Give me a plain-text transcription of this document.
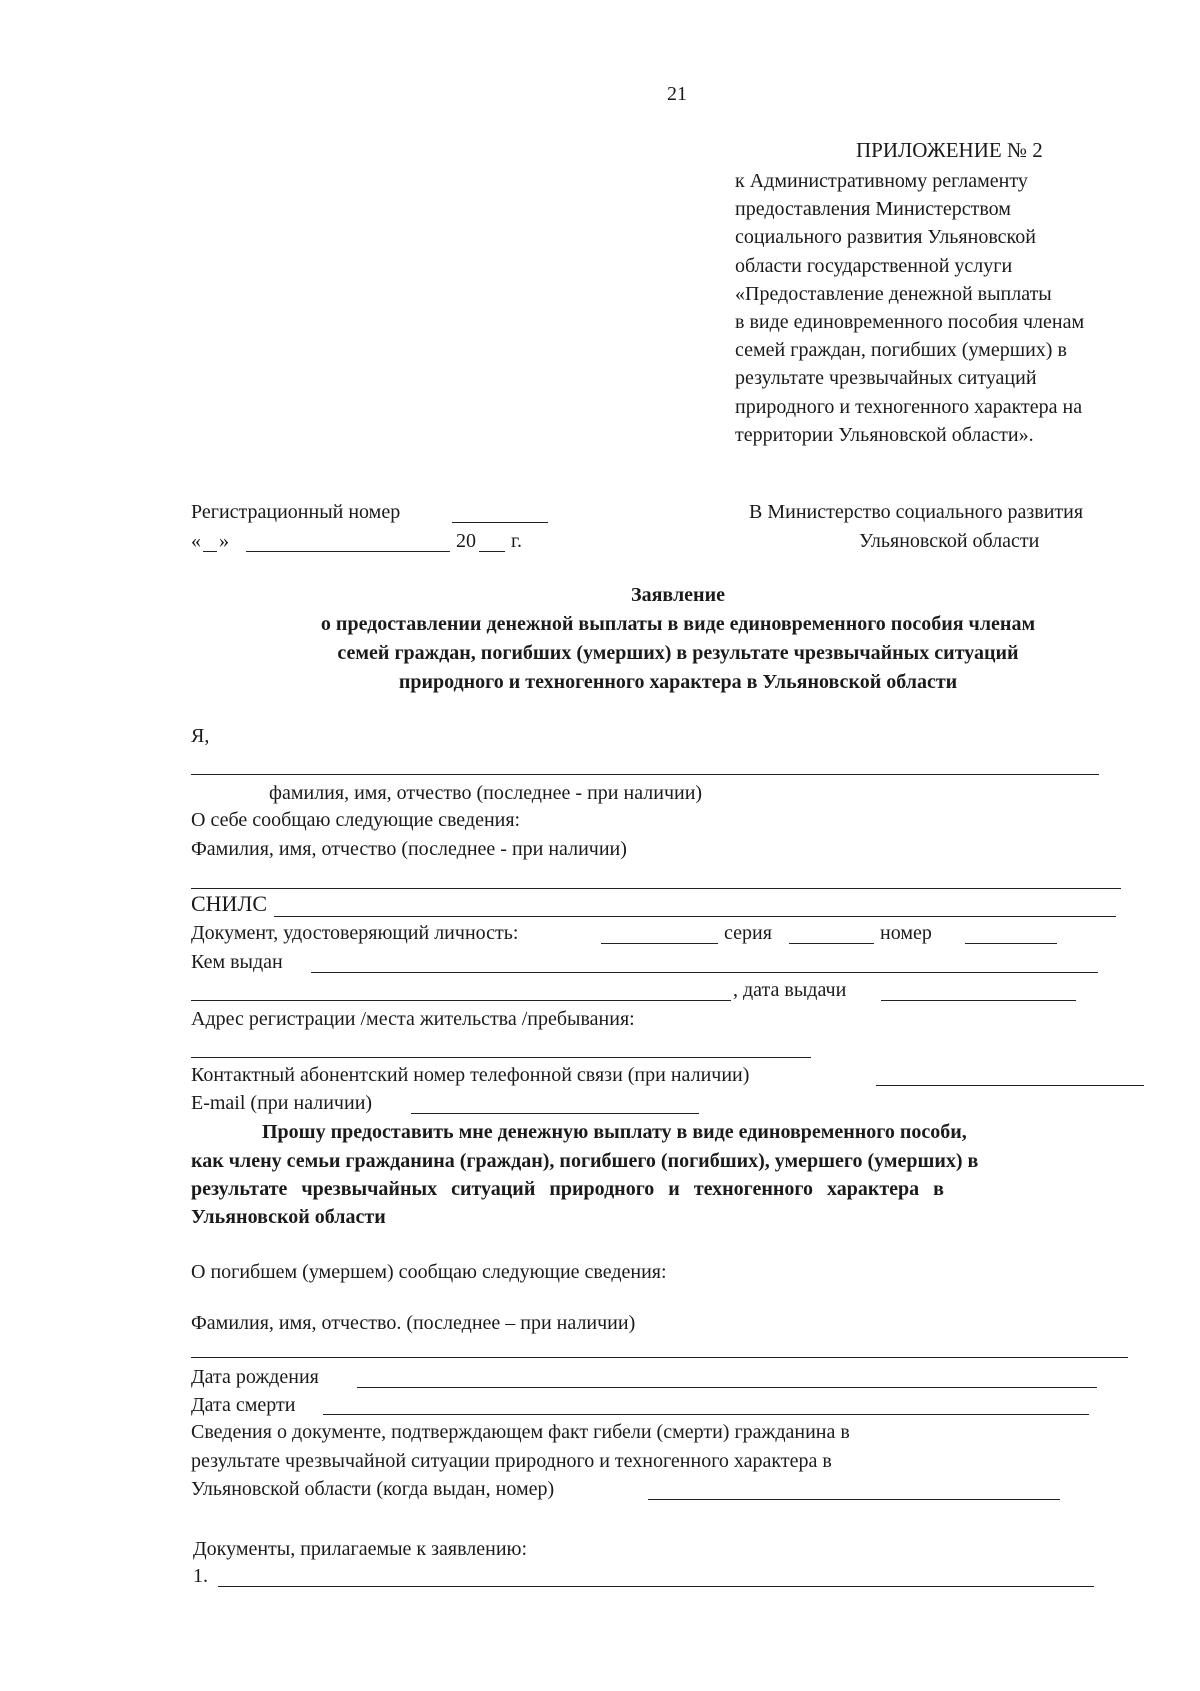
21
ПРИЛОЖЕНИЕ № 2
к Административному регламенту
предоставления Министерством
социального развития Ульяновской
области государственной услуги
«Предоставление денежной выплаты
в виде единовременного пособия членам
семей граждан, погибших (умерших) в
результате чрезвычайных ситуаций
природного и техногенного характера на
территории Ульяновской области».
Регистрационный номер
« »	20 г.
В Министерство социального развития
Ульяновской области
Заявление
о предоставлении денежной выплаты в виде единовременного пособия членам
семей граждан, погибших (умерших) в результате чрезвычайных ситуаций
природного и техногенного характера в Ульяновской области
Я,
фамилия, имя, отчество (последнее - при наличии)
О себе сообщаю следующие сведения:
Фамилия, имя, отчество (последнее - при наличии)
СНИЛС
Документ, удостоверяющий личность:	серия	номер
Кем выдан
, дата выдачи
Адрес регистрации /места жительства /пребывания:
Контактный абонентский номер телефонной связи (при наличии)
E-mail (при наличии)
Прошу предоставить мне денежную выплату в виде единовременного пособи,
как члену семьи гражданина (граждан), погибшего (погибших), умершего (умерших) в
результате чрезвычайных ситуаций природного и техногенного характера в
Ульяновской области
О погибшем (умершем) сообщаю следующие сведения:
Фамилия, имя, отчество. (последнее – при наличии)
Дата рождения
Дата смерти
Сведения о документе, подтверждающем факт гибели (смерти) гражданина в
результате чрезвычайной ситуации природного и техногенного характера в
Ульяновской области (когда выдан, номер)
Документы, прилагаемые к заявлению:
1.
